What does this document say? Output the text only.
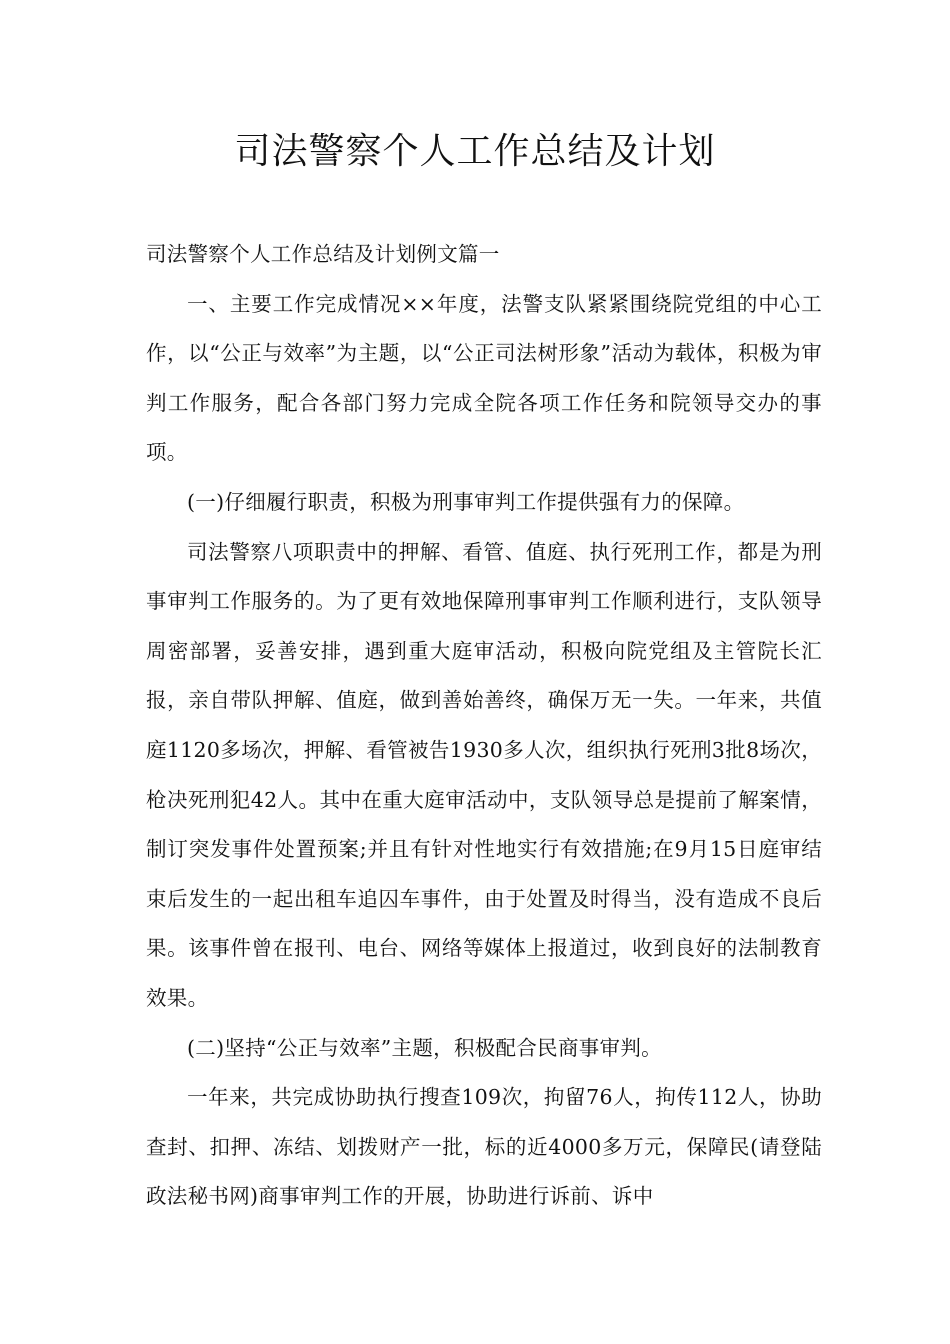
司法警察个人工作总结及计划

司法警察个人工作总结及计划例文篇一

一、主要工作完成情况××年度，法警支队紧紧围绕院党组的中心工作，以“公正与效率”为主题，以“公正司法树形象”活动为载体，积极为审判工作服务，配合各部门努力完成全院各项工作任务和院领导交办的事项。

(一)仔细履行职责，积极为刑事审判工作提供强有力的保障。

司法警察八项职责中的押解、看管、值庭、执行死刑工作，都是为刑事审判工作服务的。为了更有效地保障刑事审判工作顺利进行，支队领导周密部署，妥善安排，遇到重大庭审活动，积极向院党组及主管院长汇报，亲自带队押解、值庭，做到善始善终，确保万无一失。一年来，共值庭1120多场次，押解、看管被告1930多人次，组织执行死刑3批8场次，枪决死刑犯42人。其中在重大庭审活动中，支队领导总是提前了解案情，制订突发事件处置预案;并且有针对性地实行有效措施;在9月15日庭审结束后发生的一起出租车追囚车事件，由于处置及时得当，没有造成不良后果。该事件曾在报刊、电台、网络等媒体上报道过，收到良好的法制教育效果。

(二)坚持“公正与效率”主题，积极配合民商事审判。

一年来，共完成协助执行搜查109次，拘留76人，拘传112人，协助查封、扣押、冻结、划拨财产一批，标的近4000多万元，保障民(请登陆政法秘书网)商事审判工作的开展，协助进行诉前、诉中
